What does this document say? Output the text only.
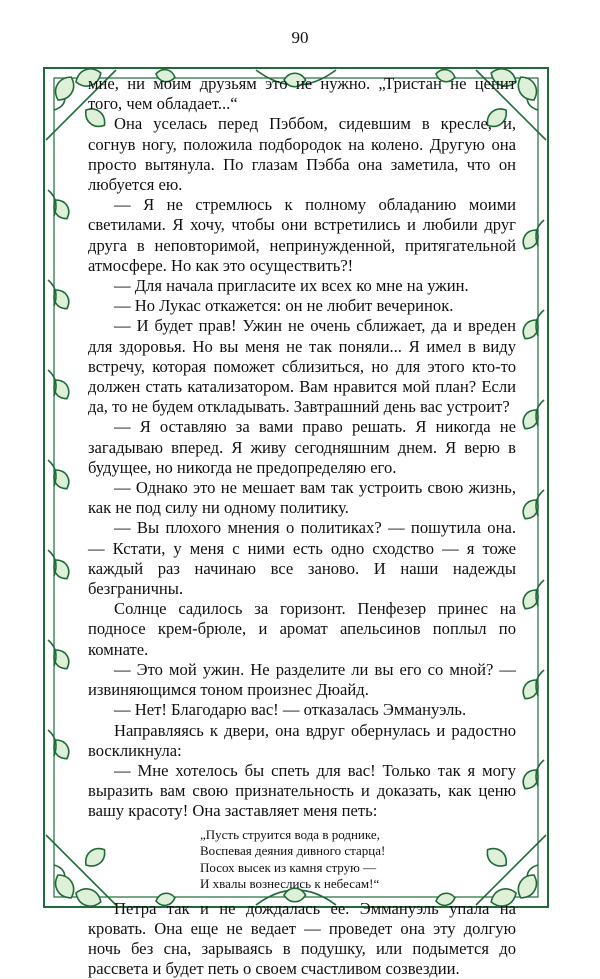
90

мне, ни моим друзьям это не нужно. „Тристан не ценит того, чем обладает...“

Она уселась перед Пэббом, сидевшим в кресле, и, согнув ногу, положила подбородок на колено. Другую она просто вытянула. По глазам Пэбба она заметила, что он любуется ею.

— Я не стремлюсь к полному обладанию моими светилами. Я хочу, чтобы они встретились и любили друг друга в неповторимой, непринужденной, притягательной атмосфере. Но как это осуществить?!

— Для начала пригласите их всех ко мне на ужин.

— Но Лукас откажется: он не любит вечеринок.

— И будет прав! Ужин не очень сближает, да и вреден для здоровья. Но вы меня не так поняли... Я имел в виду встречу, которая поможет сблизиться, но для этого кто-то должен стать катализатором. Вам нравится мой план? Если да, то не будем откладывать. Завтрашний день вас устроит?

— Я оставляю за вами право решать. Я никогда не загадываю вперед. Я живу сегодняшним днем. Я верю в будущее, но никогда не предопределяю его.

— Однако это не мешает вам так устроить свою жизнь, как не под силу ни одному политику.

— Вы плохого мнения о политиках? — пошутила она. — Кстати, у меня с ними есть одно сходство — я тоже каждый раз начинаю все заново. И наши надежды безграничны.

Солнце садилось за горизонт. Пенфезер принес на подносе крем-брюле, и аромат апельсинов поплыл по комнате.

— Это мой ужин. Не разделите ли вы его со мной? — извиняющимся тоном произнес Дюайд.

— Нет! Благодарю вас! — отказалась Эммануэль.

Направляясь к двери, она вдруг обернулась и радостно воскликнула:

— Мне хотелось бы спеть для вас! Только так я могу выразить вам свою признательность и доказать, как ценю вашу красоту! Она заставляет меня петь:

„Пусть струится вода в роднике,
Воспевая деяния дивного старца!
Посох высек из камня струю —
И хвалы вознеслись к небесам!“

Петра так и не дождалась ее. Эммануэль упала на кровать. Она еще не ведает — проведет она эту долгую ночь без сна, зарываясь в подушку, или подымется до рассвета и будет петь о своем счастливом созвездии.
